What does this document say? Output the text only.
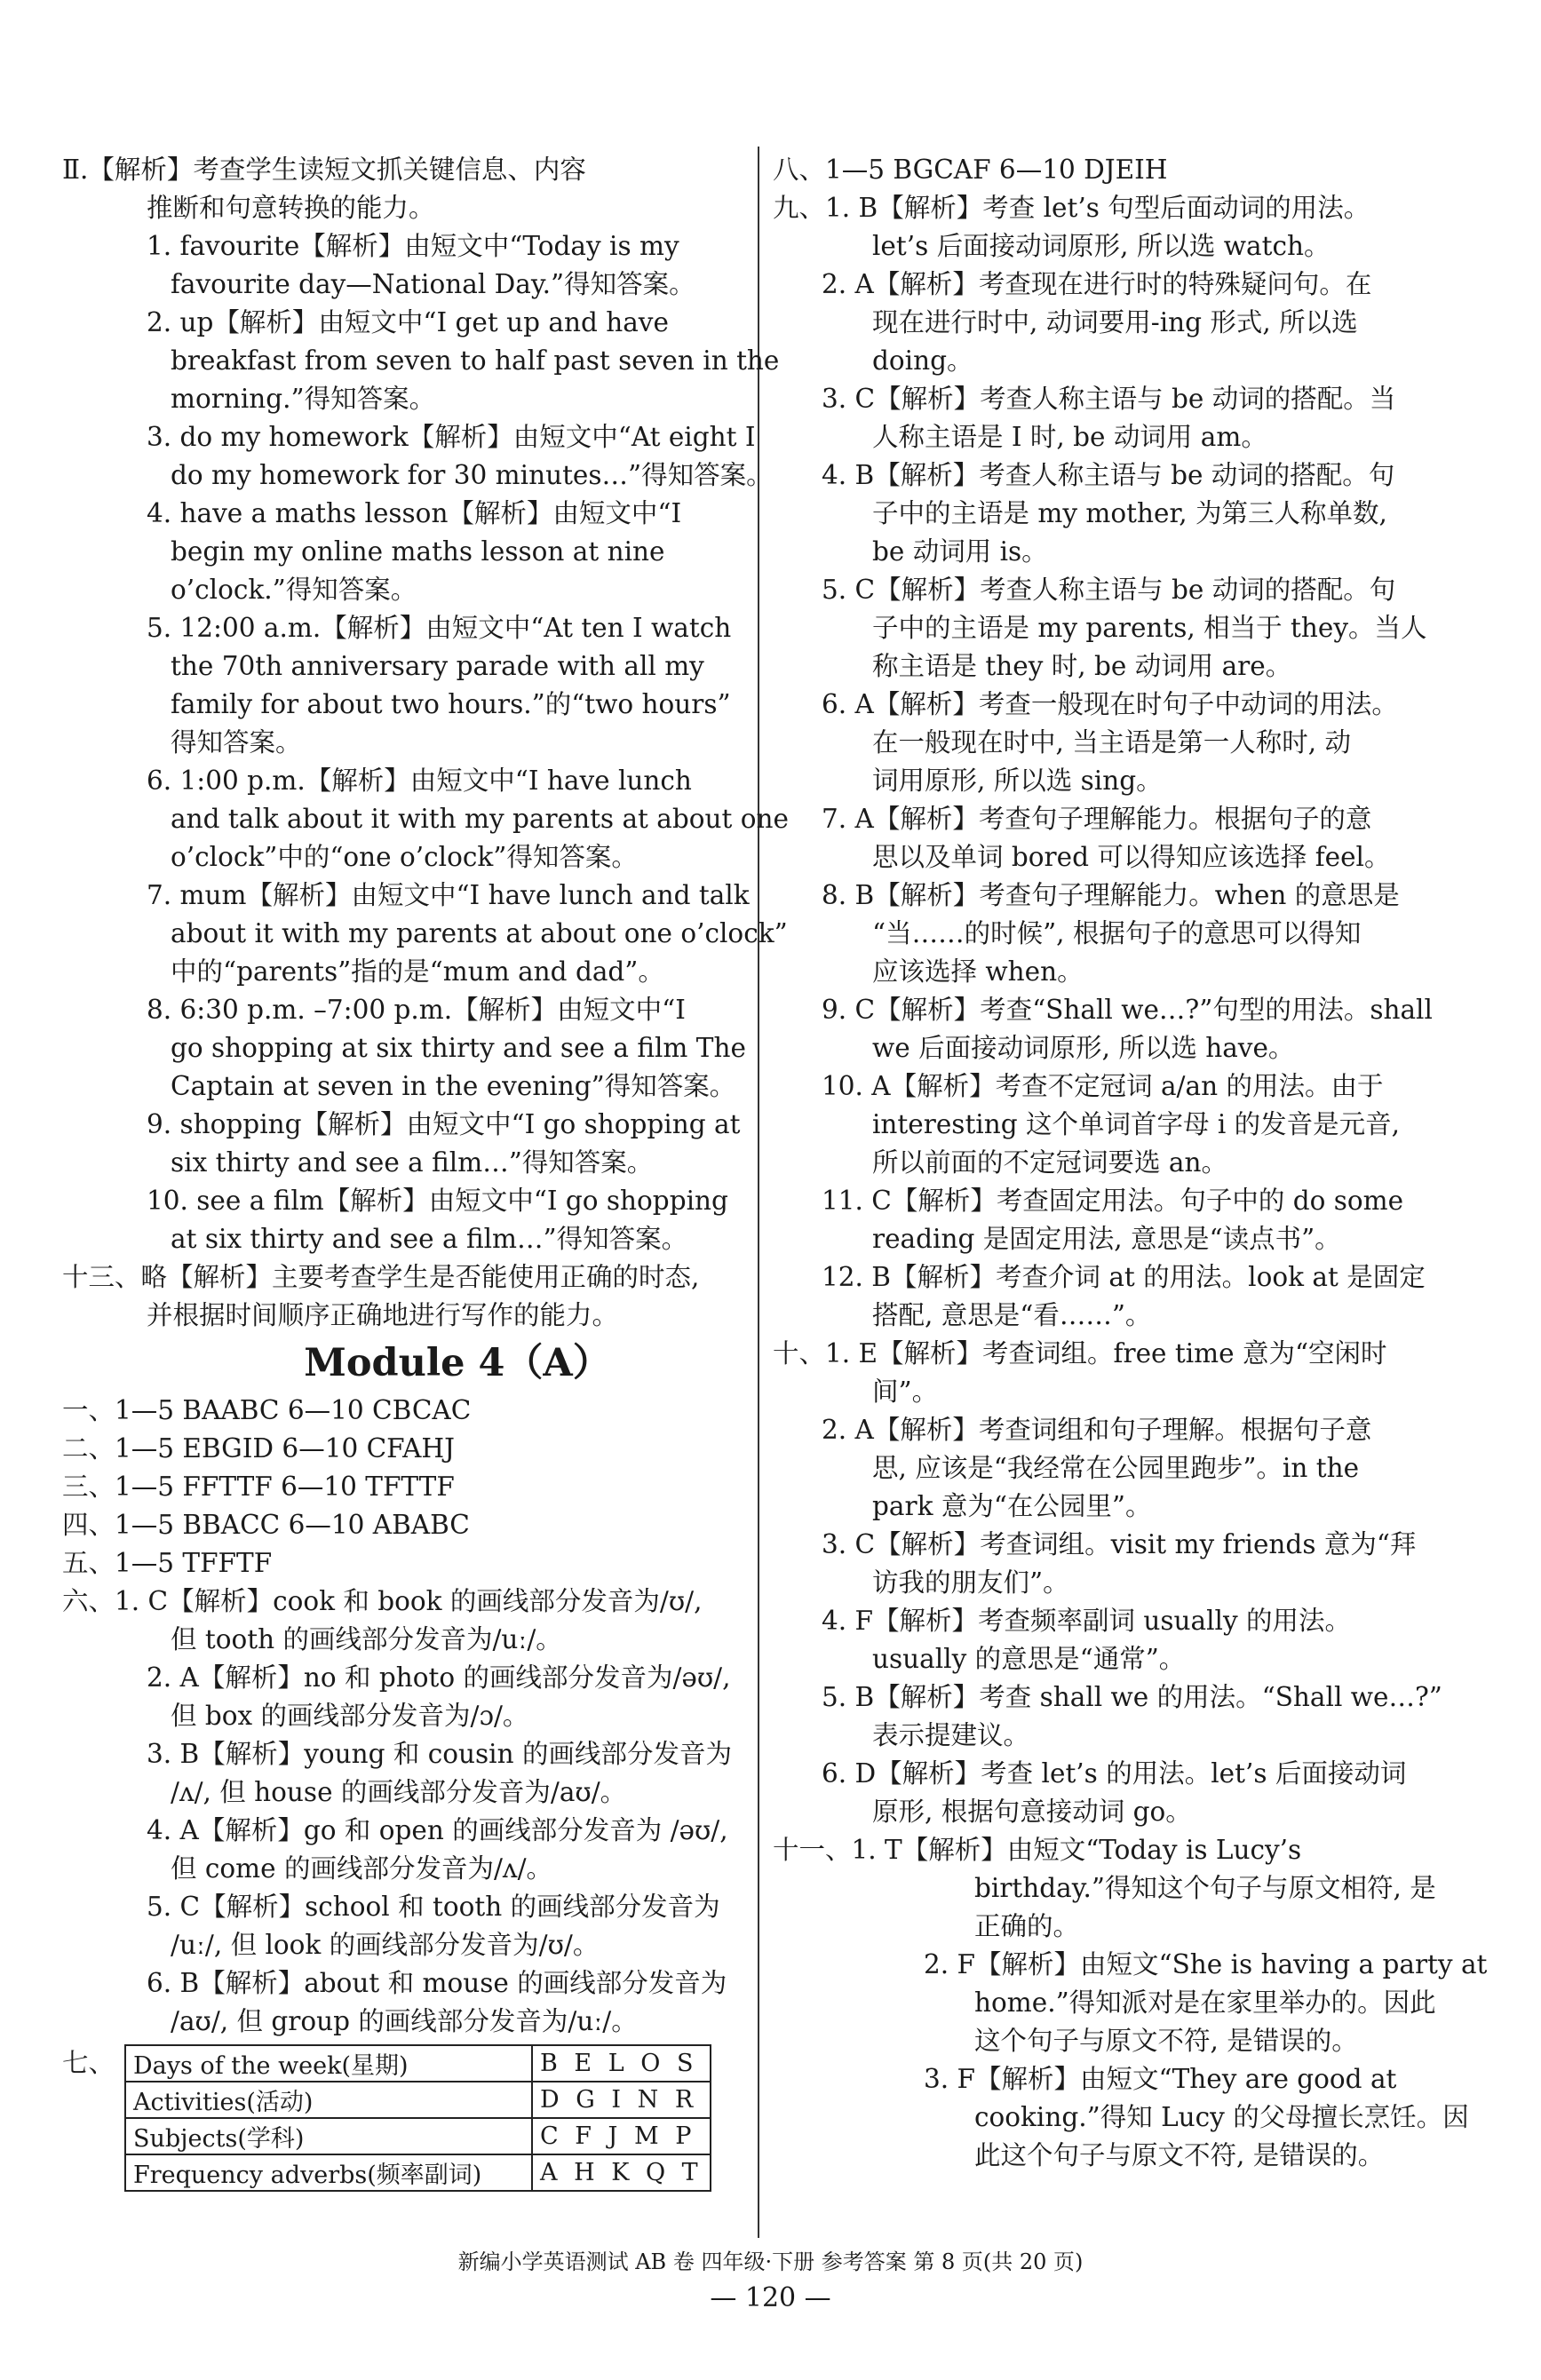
Ⅱ.【解析】考查学生读短文抓关键信息、内容
推断和句意转换的能力。
1. favourite【解析】由短文中“Today is my
favourite day—National Day.”得知答案。
2. up【解析】由短文中“I get up and have
breakfast from seven to half past seven in the
morning.”得知答案。
3. do my homework【解析】由短文中“At eight I
do my homework for 30 minutes…”得知答案。
4. have a maths lesson【解析】由短文中“I
begin my online maths lesson at nine
o’clock.”得知答案。
5. 12:00 a.m.【解析】由短文中“At ten I watch
the 70th anniversary parade with all my
family for about two hours.”的“two hours”
得知答案。
6. 1:00 p.m.【解析】由短文中“I have lunch
and talk about it with my parents at about one
o’clock”中的“one o’clock”得知答案。
7. mum【解析】由短文中“I have lunch and talk
about it with my parents at about one o’clock”
中的“parents”指的是“mum and dad”。
8. 6:30 p.m. –7:00 p.m.【解析】由短文中“I
go shopping at six thirty and see a film The
Captain at seven in the evening”得知答案。
9. shopping【解析】由短文中“I go shopping at
six thirty and see a film…”得知答案。
10. see a film【解析】由短文中“I go shopping
at six thirty and see a film…”得知答案。
十三、略【解析】主要考查学生是否能使用正确的时态,
并根据时间顺序正确地进行写作的能力。
Module 4（A）
一、1—5 BAABC 6—10 CBCAC
二、1—5 EBGID 6—10 CFAHJ
三、1—5 FFTTF 6—10 TFTTF
四、1—5 BBACC 6—10 ABABC
五、1—5 TFFTF
六、1. C【解析】cook 和 book 的画线部分发音为/ʊ/,
但 tooth 的画线部分发音为/uː/。
2. A【解析】no 和 photo 的画线部分发音为/əʊ/,
但 box 的画线部分发音为/ɔ/。
3. B【解析】young 和 cousin 的画线部分发音为
/ʌ/, 但 house 的画线部分发音为/aʊ/。
4. A【解析】go 和 open 的画线部分发音为 /əʊ/,
但 come 的画线部分发音为/ʌ/。
5. C【解析】school 和 tooth 的画线部分发音为
/uː/, 但 look 的画线部分发音为/ʊ/。
6. B【解析】about 和 mouse 的画线部分发音为
/aʊ/, 但 group 的画线部分发音为/uː/。
七、 Days of the week(星期)	B E L O S
Activities(活动)	D G I N R
Subjects(学科)	C F J M P
Frequency adverbs(频率副词)	A H K Q T
八、1—5 BGCAF 6—10 DJEIH
九、1. B【解析】考查 let’s 句型后面动词的用法。
let’s 后面接动词原形, 所以选 watch。
2. A【解析】考查现在进行时的特殊疑问句。在
现在进行时中, 动词要用-ing 形式, 所以选
doing。
3. C【解析】考查人称主语与 be 动词的搭配。当
人称主语是 I 时, be 动词用 am。
4. B【解析】考查人称主语与 be 动词的搭配。句
子中的主语是 my mother, 为第三人称单数,
be 动词用 is。
5. C【解析】考查人称主语与 be 动词的搭配。句
子中的主语是 my parents, 相当于 they。当人
称主语是 they 时, be 动词用 are。
6. A【解析】考查一般现在时句子中动词的用法。
在一般现在时中, 当主语是第一人称时, 动
词用原形, 所以选 sing。
7. A【解析】考查句子理解能力。根据句子的意
思以及单词 bored 可以得知应该选择 feel。
8. B【解析】考查句子理解能力。when 的意思是
“当……的时候”, 根据句子的意思可以得知
应该选择 when。
9. C【解析】考查“Shall we…?”句型的用法。shall
we 后面接动词原形, 所以选 have。
10. A【解析】考查不定冠词 a/an 的用法。由于
interesting 这个单词首字母 i 的发音是元音,
所以前面的不定冠词要选 an。
11. C【解析】考查固定用法。句子中的 do some
reading 是固定用法, 意思是“读点书”。
12. B【解析】考查介词 at 的用法。look at 是固定
搭配, 意思是“看……”。
十、1. E【解析】考查词组。free time 意为“空闲时
间”。
2. A【解析】考查词组和句子理解。根据句子意
思, 应该是“我经常在公园里跑步”。in the
park 意为“在公园里”。
3. C【解析】考查词组。visit my friends 意为“拜
访我的朋友们”。
4. F【解析】考查频率副词 usually 的用法。
usually 的意思是“通常”。
5. B【解析】考查 shall we 的用法。“Shall we…?”
表示提建议。
6. D【解析】考查 let’s 的用法。let’s 后面接动词
原形, 根据句意接动词 go。
十一、1. T【解析】由短文“Today is Lucy’s
birthday.”得知这个句子与原文相符, 是
正确的。
2. F【解析】由短文“She is having a party at
home.”得知派对是在家里举办的。因此
这个句子与原文不符, 是错误的。
3. F【解析】由短文“They are good at
cooking.”得知 Lucy 的父母擅长烹饪。因
此这个句子与原文不符, 是错误的。
新编小学英语测试 AB 卷 四年级·下册 参考答案 第 8 页(共 20 页)
— 120 —
